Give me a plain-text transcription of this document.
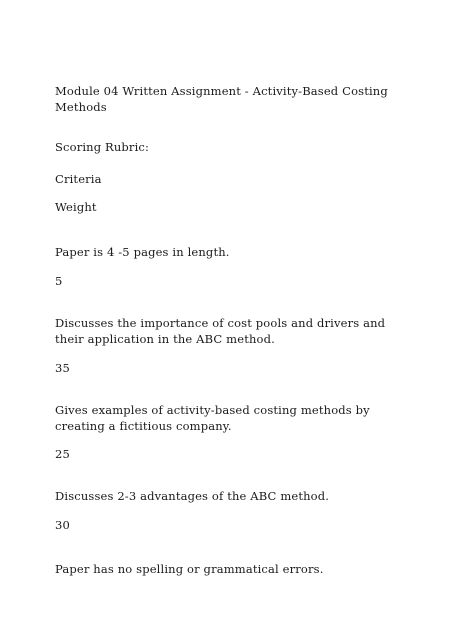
Module 04 Written Assignment - Activity-Based Costing Methods
Scoring Rubric:
Criteria
Weight
Paper is 4 -5 pages in length.
5
Discusses the importance of cost pools and drivers and their application in the ABC method.
35
Gives examples of activity-based costing methods by creating a fictitious company.
25
Discusses 2-3 advantages of the ABC method.
30
Paper has no spelling or grammatical errors.
